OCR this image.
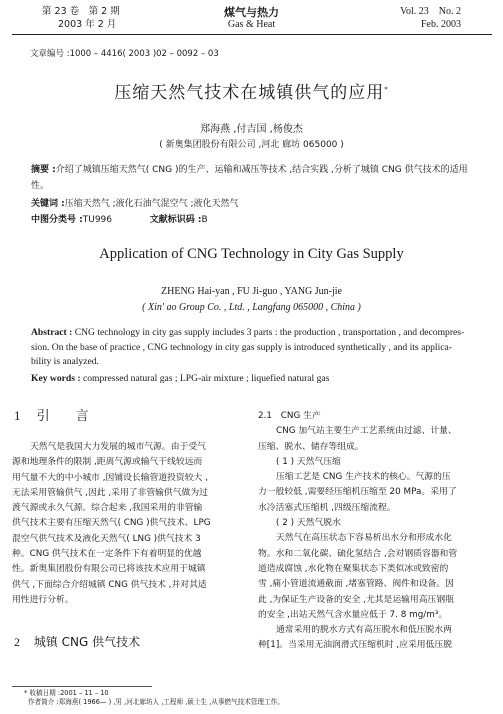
第 23 卷　第 2 期
2003 年 2 月
煤气与热力
Gas & Heat
Vol. 23　No. 2
Feb. 2003
文章编号 :1000 – 4416( 2003 )02 – 0092 – 03
压缩天然气技术在城镇供气的应用*
郑海燕 ,付吉国 ,杨俊杰
( 新奥集团股份有限公司 ,河北 廊坊 065000 )
摘要 :介绍了城镇压缩天然气( CNG )的生产、运输和减压等技术 ,结合实践 ,分析了城镇 CNG 供气技术的适用性。
关键词 :压缩天然气 ;液化石油气混空气 ;液化天然气
中图分类号 :TU996	文献标识码 :B
Application of CNG Technology in City Gas Supply
ZHENG Hai-yan , FU Ji-guo , YANG Jun-jie
( Xin' ao Group Co. , Ltd. , Langfang 065000 , China )

Abstract : CNG technology in city gas supply includes 3 parts : the production , transportation , and decompres-

sion. On the base of practice , CNG technology in city gas supply is introduced synthetically , and its applica-

bility is analyzed.

Key words : compressed natural gas ; LPG-air mixture ; liquefied natural gas
1 引　　言

天然气是我国大力发展的城市气源。由于受气

源和地理条件的限制 ,距离气源或输气干线较远而

用气量不大的中小城市 ,因铺设长输管道投资较大 ,

无法采用管输供气 ,因此 ,采用了非管输供气做为过

渡气源或永久气源。综合起来 ,我国采用的非管输

供气技术主要有压缩天然气( CNG )供气技术、LPG

混空气供气技术及液化天然气( LNG )供气技术 3

种。CNG 供气技术在一定条件下有着明显的优越

性。新奥集团股份有限公司已将该技术应用于城镇

供气 ,下面综合介绍城镇 CNG 供气技术 ,并对其适

用性进行分析。

2 城镇 CNG 供气技术

2.1　CNG 生产

CNG 加气站主要生产工艺系统由过滤、计量、

压缩、脱水、储存等组成。

( 1 ) 天然气压缩

压缩工艺是 CNG 生产技术的核心。气源的压

力一般较低 ,需要经压缩机压缩至 20 MPa。采用了

水冷活塞式压缩机 ,四级压缩流程。

( 2 ) 天然气脱水

天然气在高压状态下容易析出水分和形成水化

物。水和二氧化碳、硫化氢结合 ,会对钢质容器和管

道造成腐蚀 ,水化物在聚集状态下类似冰或致密的

雪 ,痛小管道流通截面 ,堵塞管路、阀件和设备。因

此 ,为保证生产设备的安全 ,尤其是运输用高压钢瓶

的安全 ,出站天然气含水量应低于 7. 8 mg/m³。

通常采用的脱水方式有高压脱水和低压脱水两

种[1]。当采用无油润滑式压缩机时 ,应采用低压脱

* 收稿日期 :2001 – 11 – 10
作者简介 :郑海燕( 1966— ) ,男 ,河北廊坊人 ,工程师 ,硕士生 ,从事燃气技术管理工作。
